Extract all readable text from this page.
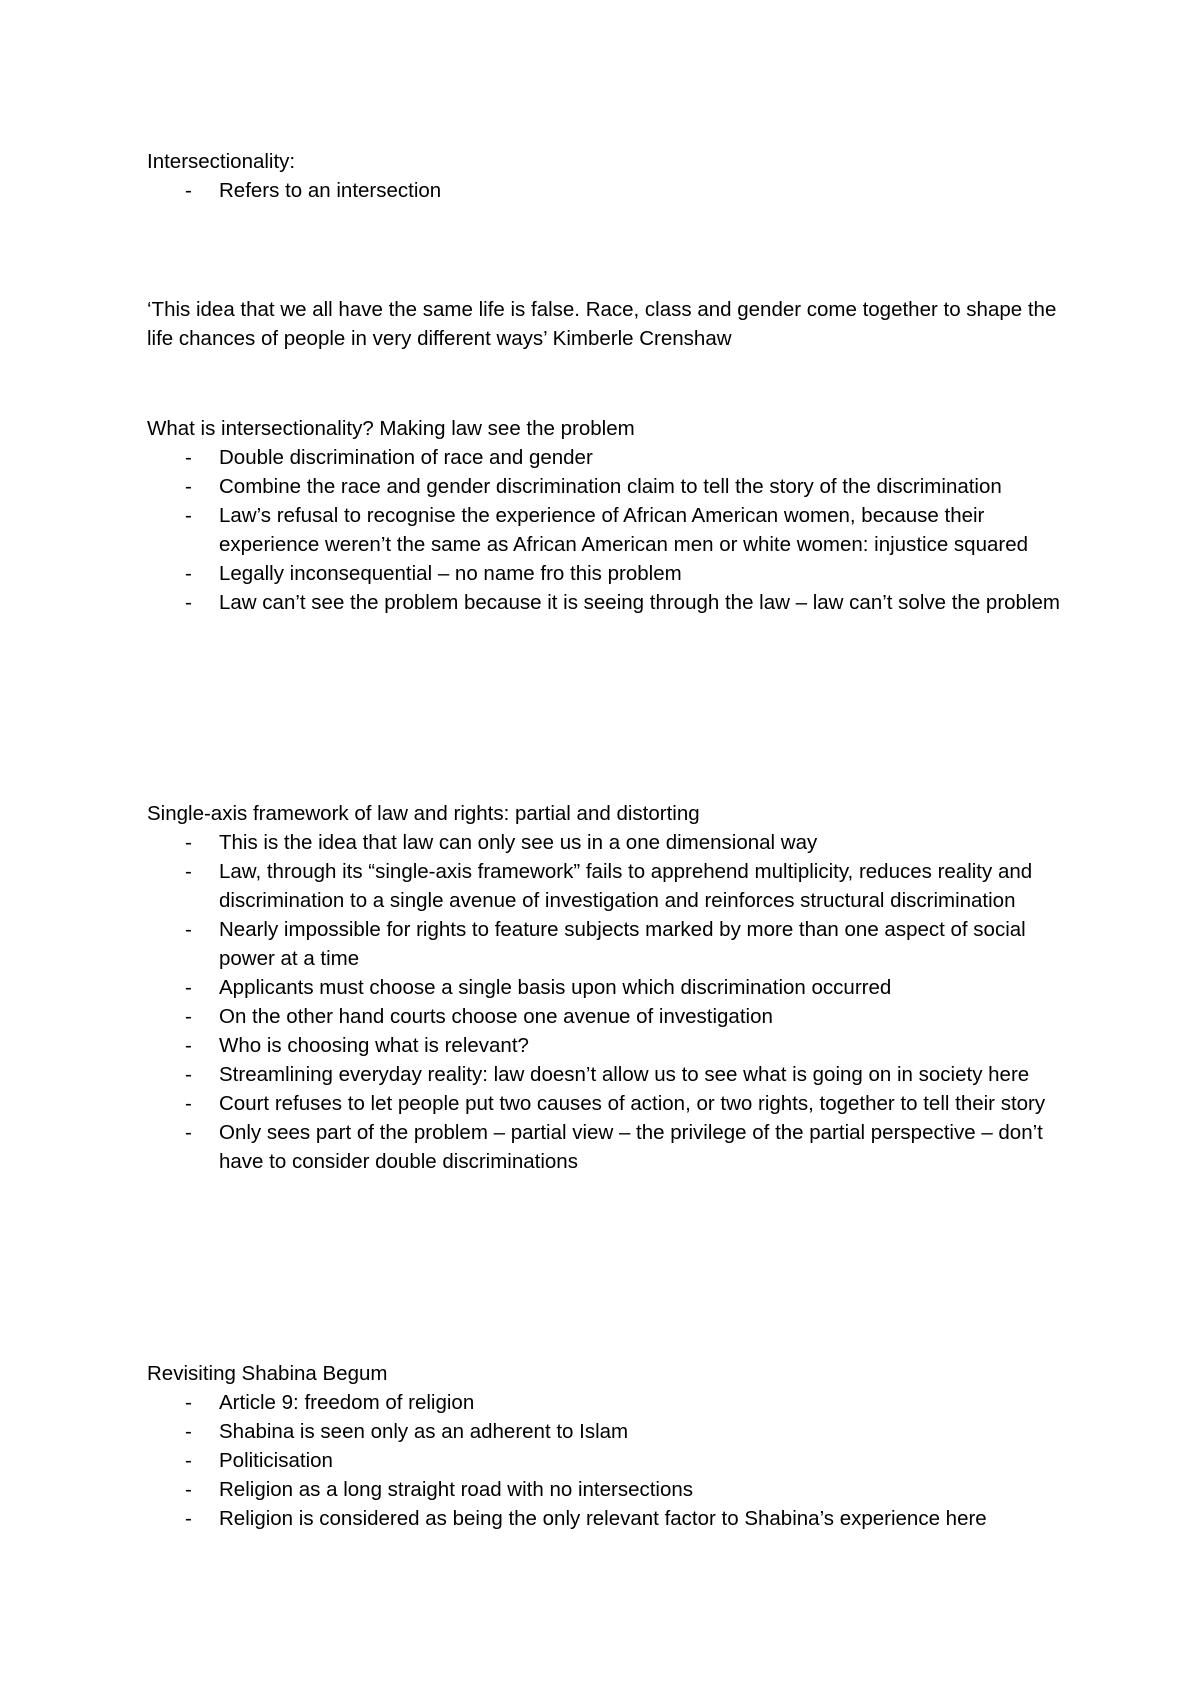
Intersectionality:

- Refers to an intersection

‘This idea that we all have the same life is false. Race, class and gender come together to shape the life chances of people in very different ways’ Kimberle Crenshaw

What is intersectionality? Making law see the problem

- Double discrimination of race and gender
- Combine the race and gender discrimination claim to tell the story of the discrimination
- Law’s refusal to recognise the experience of African American women, because their experience weren’t the same as African American men or white women: injustice squared
- Legally inconsequential – no name fro this problem
- Law can’t see the problem because it is seeing through the law – law can’t solve the problem

Single-axis framework of law and rights: partial and distorting

- This is the idea that law can only see us in a one dimensional way
- Law, through its “single-axis framework” fails to apprehend multiplicity, reduces reality and discrimination to a single avenue of investigation and reinforces structural discrimination
- Nearly impossible for rights to feature subjects marked by more than one aspect of social power at a time
- Applicants must choose a single basis upon which discrimination occurred
- On the other hand courts choose one avenue of investigation
- Who is choosing what is relevant?
- Streamlining everyday reality: law doesn’t allow us to see what is going on in society here
- Court refuses to let people put two causes of action, or two rights, together to tell their story
- Only sees part of the problem – partial view – the privilege of the partial perspective – don’t have to consider double discriminations

Revisiting Shabina Begum

- Article 9: freedom of religion
- Shabina is seen only as an adherent to Islam
- Politicisation
- Religion as a long straight road with no intersections
- Religion is considered as being the only relevant factor to Shabina’s experience here
